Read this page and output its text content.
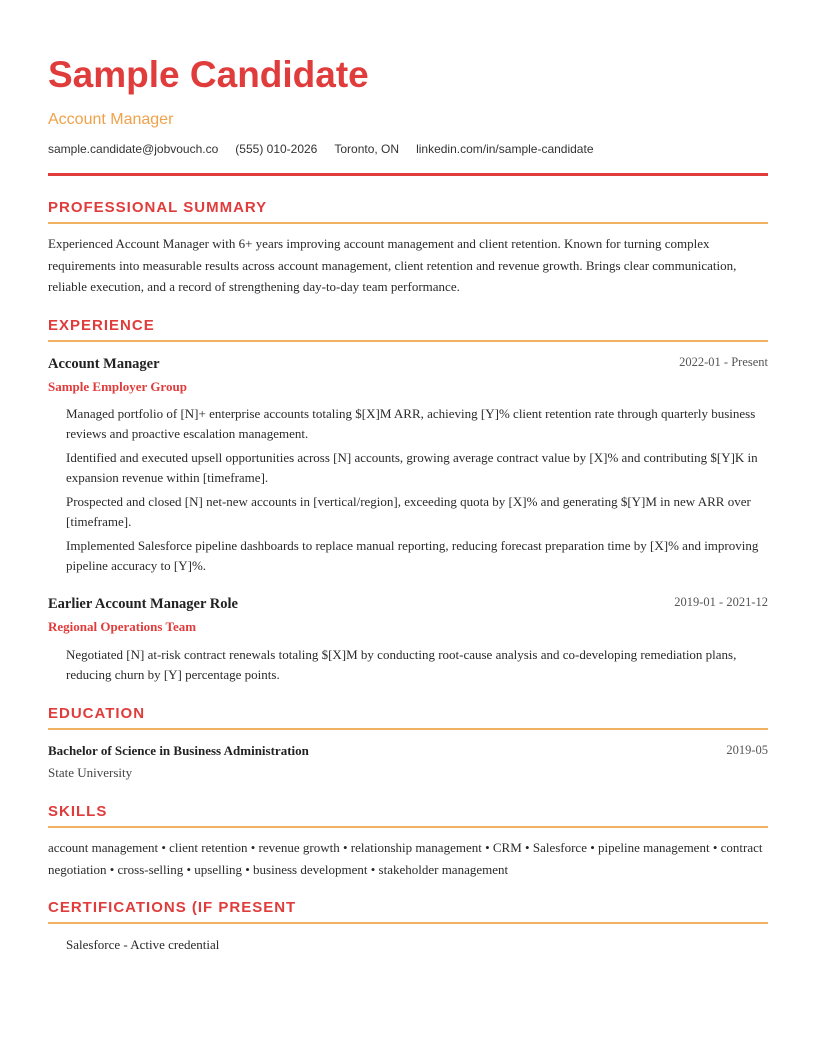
Sample Candidate
Account Manager
sample.candidate@jobvouch.co (555) 010-2026 Toronto, ON linkedin.com/in/sample-candidate
PROFESSIONAL SUMMARY

Experienced Account Manager with 6+ years improving account management and client retention. Known for turning complex requirements into measurable results across account management, client retention and revenue growth. Brings clear communication, reliable execution, and a record of strengthening day-to-day team performance.

EXPERIENCE
Account Manager	2022-01 - Present
Sample Employer Group
Managed portfolio of [N]+ enterprise accounts totaling $[X]M ARR, achieving [Y]% client retention rate through quarterly business reviews and proactive escalation management.
Identified and executed upsell opportunities across [N] accounts, growing average contract value by [X]% and contributing $[Y]K in expansion revenue within [timeframe].
Prospected and closed [N] net-new accounts in [vertical/region], exceeding quota by [X]% and generating $[Y]M in new ARR over [timeframe].
Implemented Salesforce pipeline dashboards to replace manual reporting, reducing forecast preparation time by [X]% and improving pipeline accuracy to [Y]%.
Earlier Account Manager Role	2019-01 - 2021-12
Regional Operations Team
Negotiated [N] at-risk contract renewals totaling $[X]M by conducting root-cause analysis and co-developing remediation plans, reducing churn by [Y] percentage points.
EDUCATION
Bachelor of Science in Business Administration	2019-05
State University
SKILLS

account management • client retention • revenue growth • relationship management • CRM • Salesforce • pipeline management • contract negotiation • cross-selling • upselling • business development • stakeholder management

CERTIFICATIONS (IF PRESENT
Salesforce - Active credential
